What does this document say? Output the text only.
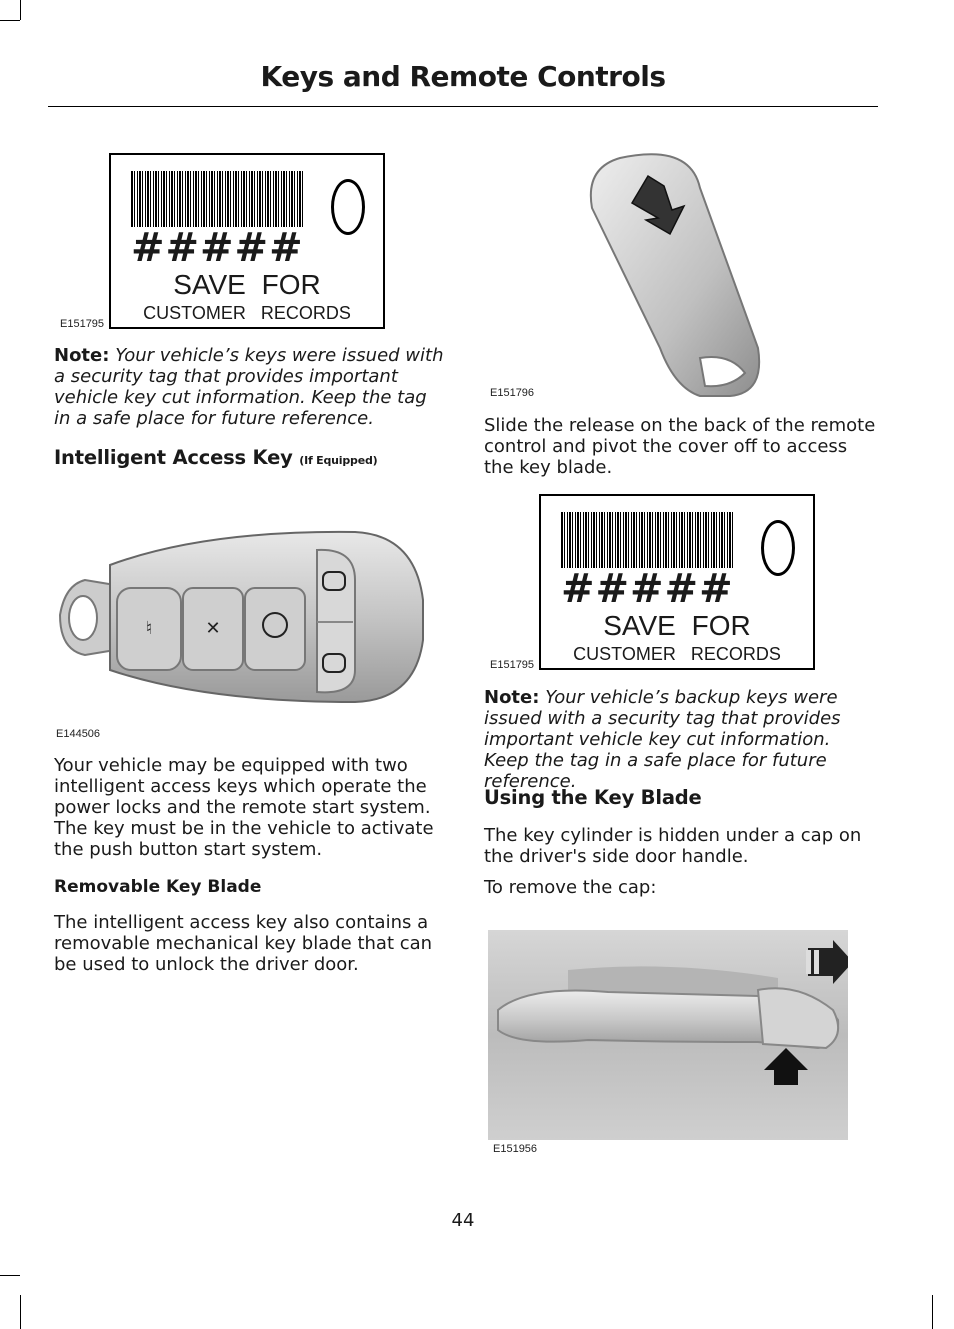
Keys and Remote Controls
#####
SAVE FOR
CUSTOMER RECORDS
E151795

Note: Your vehicle’s keys were issued with a security tag that provides important vehicle key cut information. Keep the tag in a safe place for future reference.

Intelligent Access Key (If Equipped)
♮	✕
E144506

Your vehicle may be equipped with two intelligent access keys which operate the power locks and the remote start system. The key must be in the vehicle to activate the push button start system.

Removable Key Blade

The intelligent access key also contains a removable mechanical key blade that can be used to unlock the driver door.

E151796

Slide the release on the back of the remote control and pivot the cover off to access the key blade.

#####
SAVE FOR
CUSTOMER RECORDS
E151795

Note: Your vehicle’s backup keys were issued with a security tag that provides important vehicle key cut information. Keep the tag in a safe place for future reference.

Using the Key Blade

The key cylinder is hidden under a cap on the driver's side door handle.

To remove the cap:

E151956
44
